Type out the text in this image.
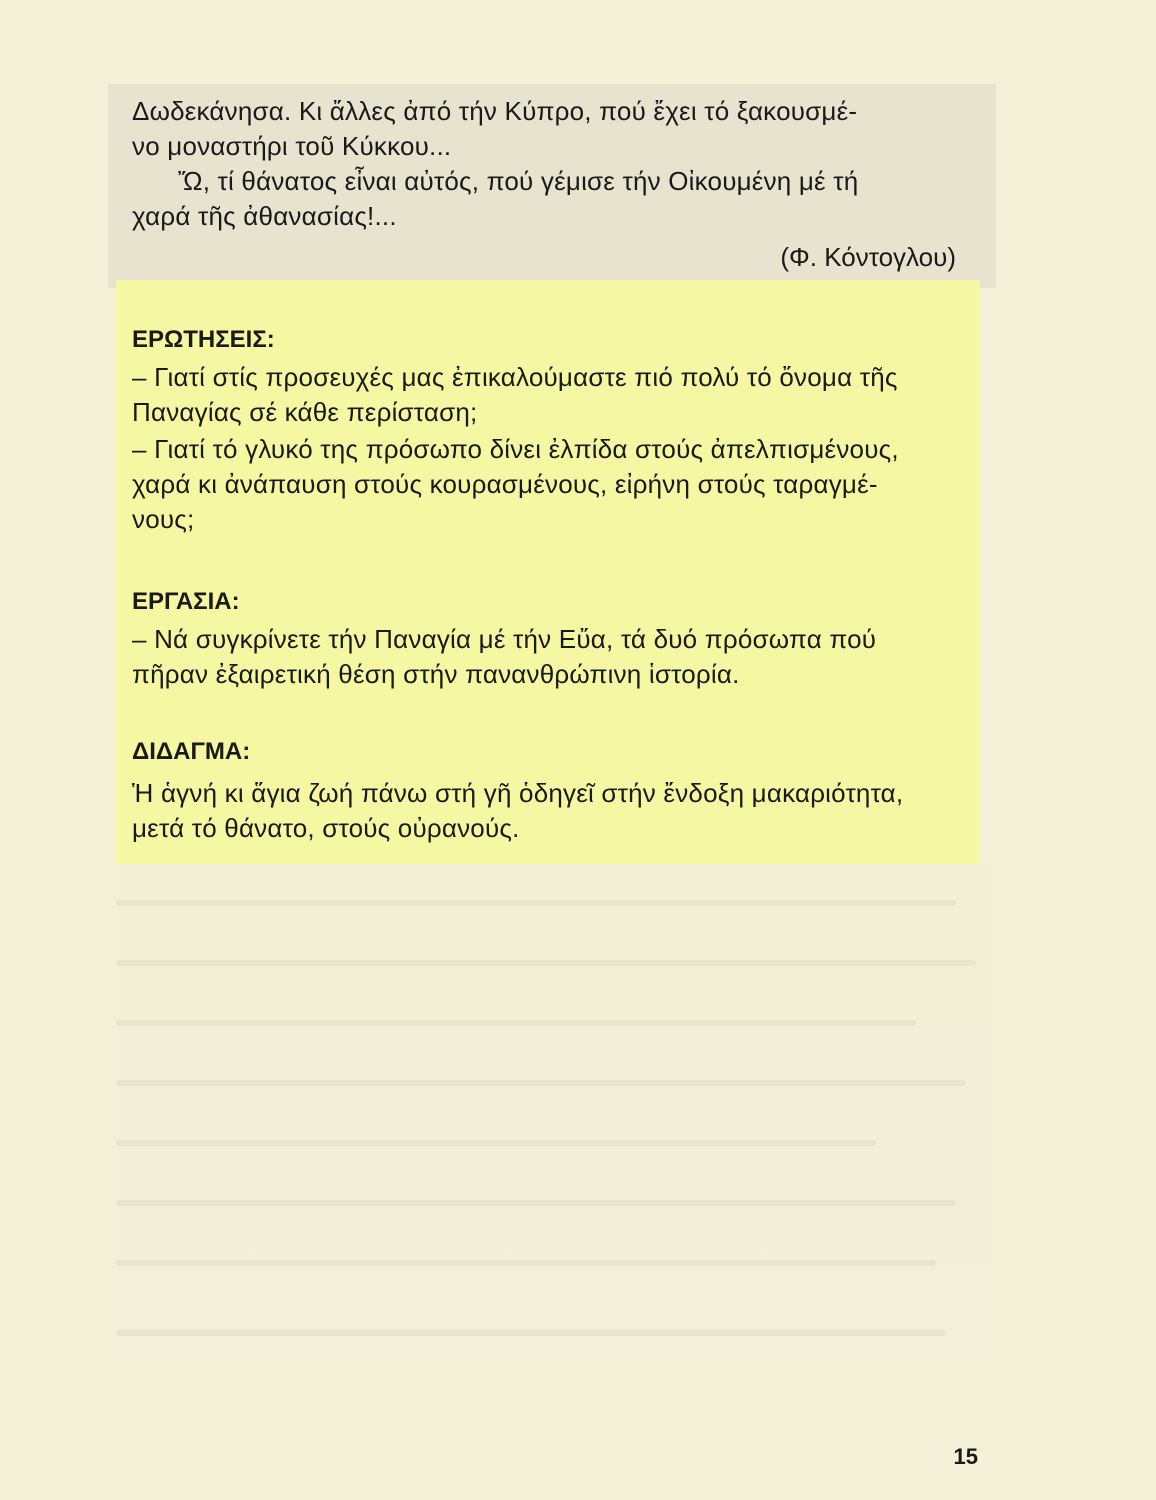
Δωδεκάνησα. Κι ἄλλες ἀπό τήν Κύπρο, πού ἔχει τό ξακουσμέ-
νο μοναστήρι τοῦ Κύκκου...
Ὤ, τί θάνατος εἶναι αὐτός, πού γέμισε τήν Οἰκουμένη μέ τή
χαρά τῆς ἀθανασίας!...
(Φ. Κόντογλου)
ΕΡΩΤΗΣΕΙΣ:
– Γιατί στίς προσευχές μας ἐπικαλούμαστε πιό πολύ τό ὄνομα τῆς
Παναγίας σέ κάθε περίσταση;
– Γιατί τό γλυκό της πρόσωπο δίνει ἐλπίδα στούς ἀπελπισμένους,
χαρά κι ἀνάπαυση στούς κουρασμένους, εἰρήνη στούς ταραγμέ-
νους;
ΕΡΓΑΣΙΑ:
– Νά συγκρίνετε τήν Παναγία μέ τήν Εὔα, τά δυό πρόσωπα πού
πῆραν ἐξαιρετική θέση στήν πανανθρώπινη ἱστορία.
ΔΙΔΑΓΜΑ:
Ἡ ἁγνή κι ἅγια ζωή πάνω στή γῆ ὁδηγεῖ στήν ἔνδοξη μακαριότητα,
μετά τό θάνατο, στούς οὐρανούς.
15
